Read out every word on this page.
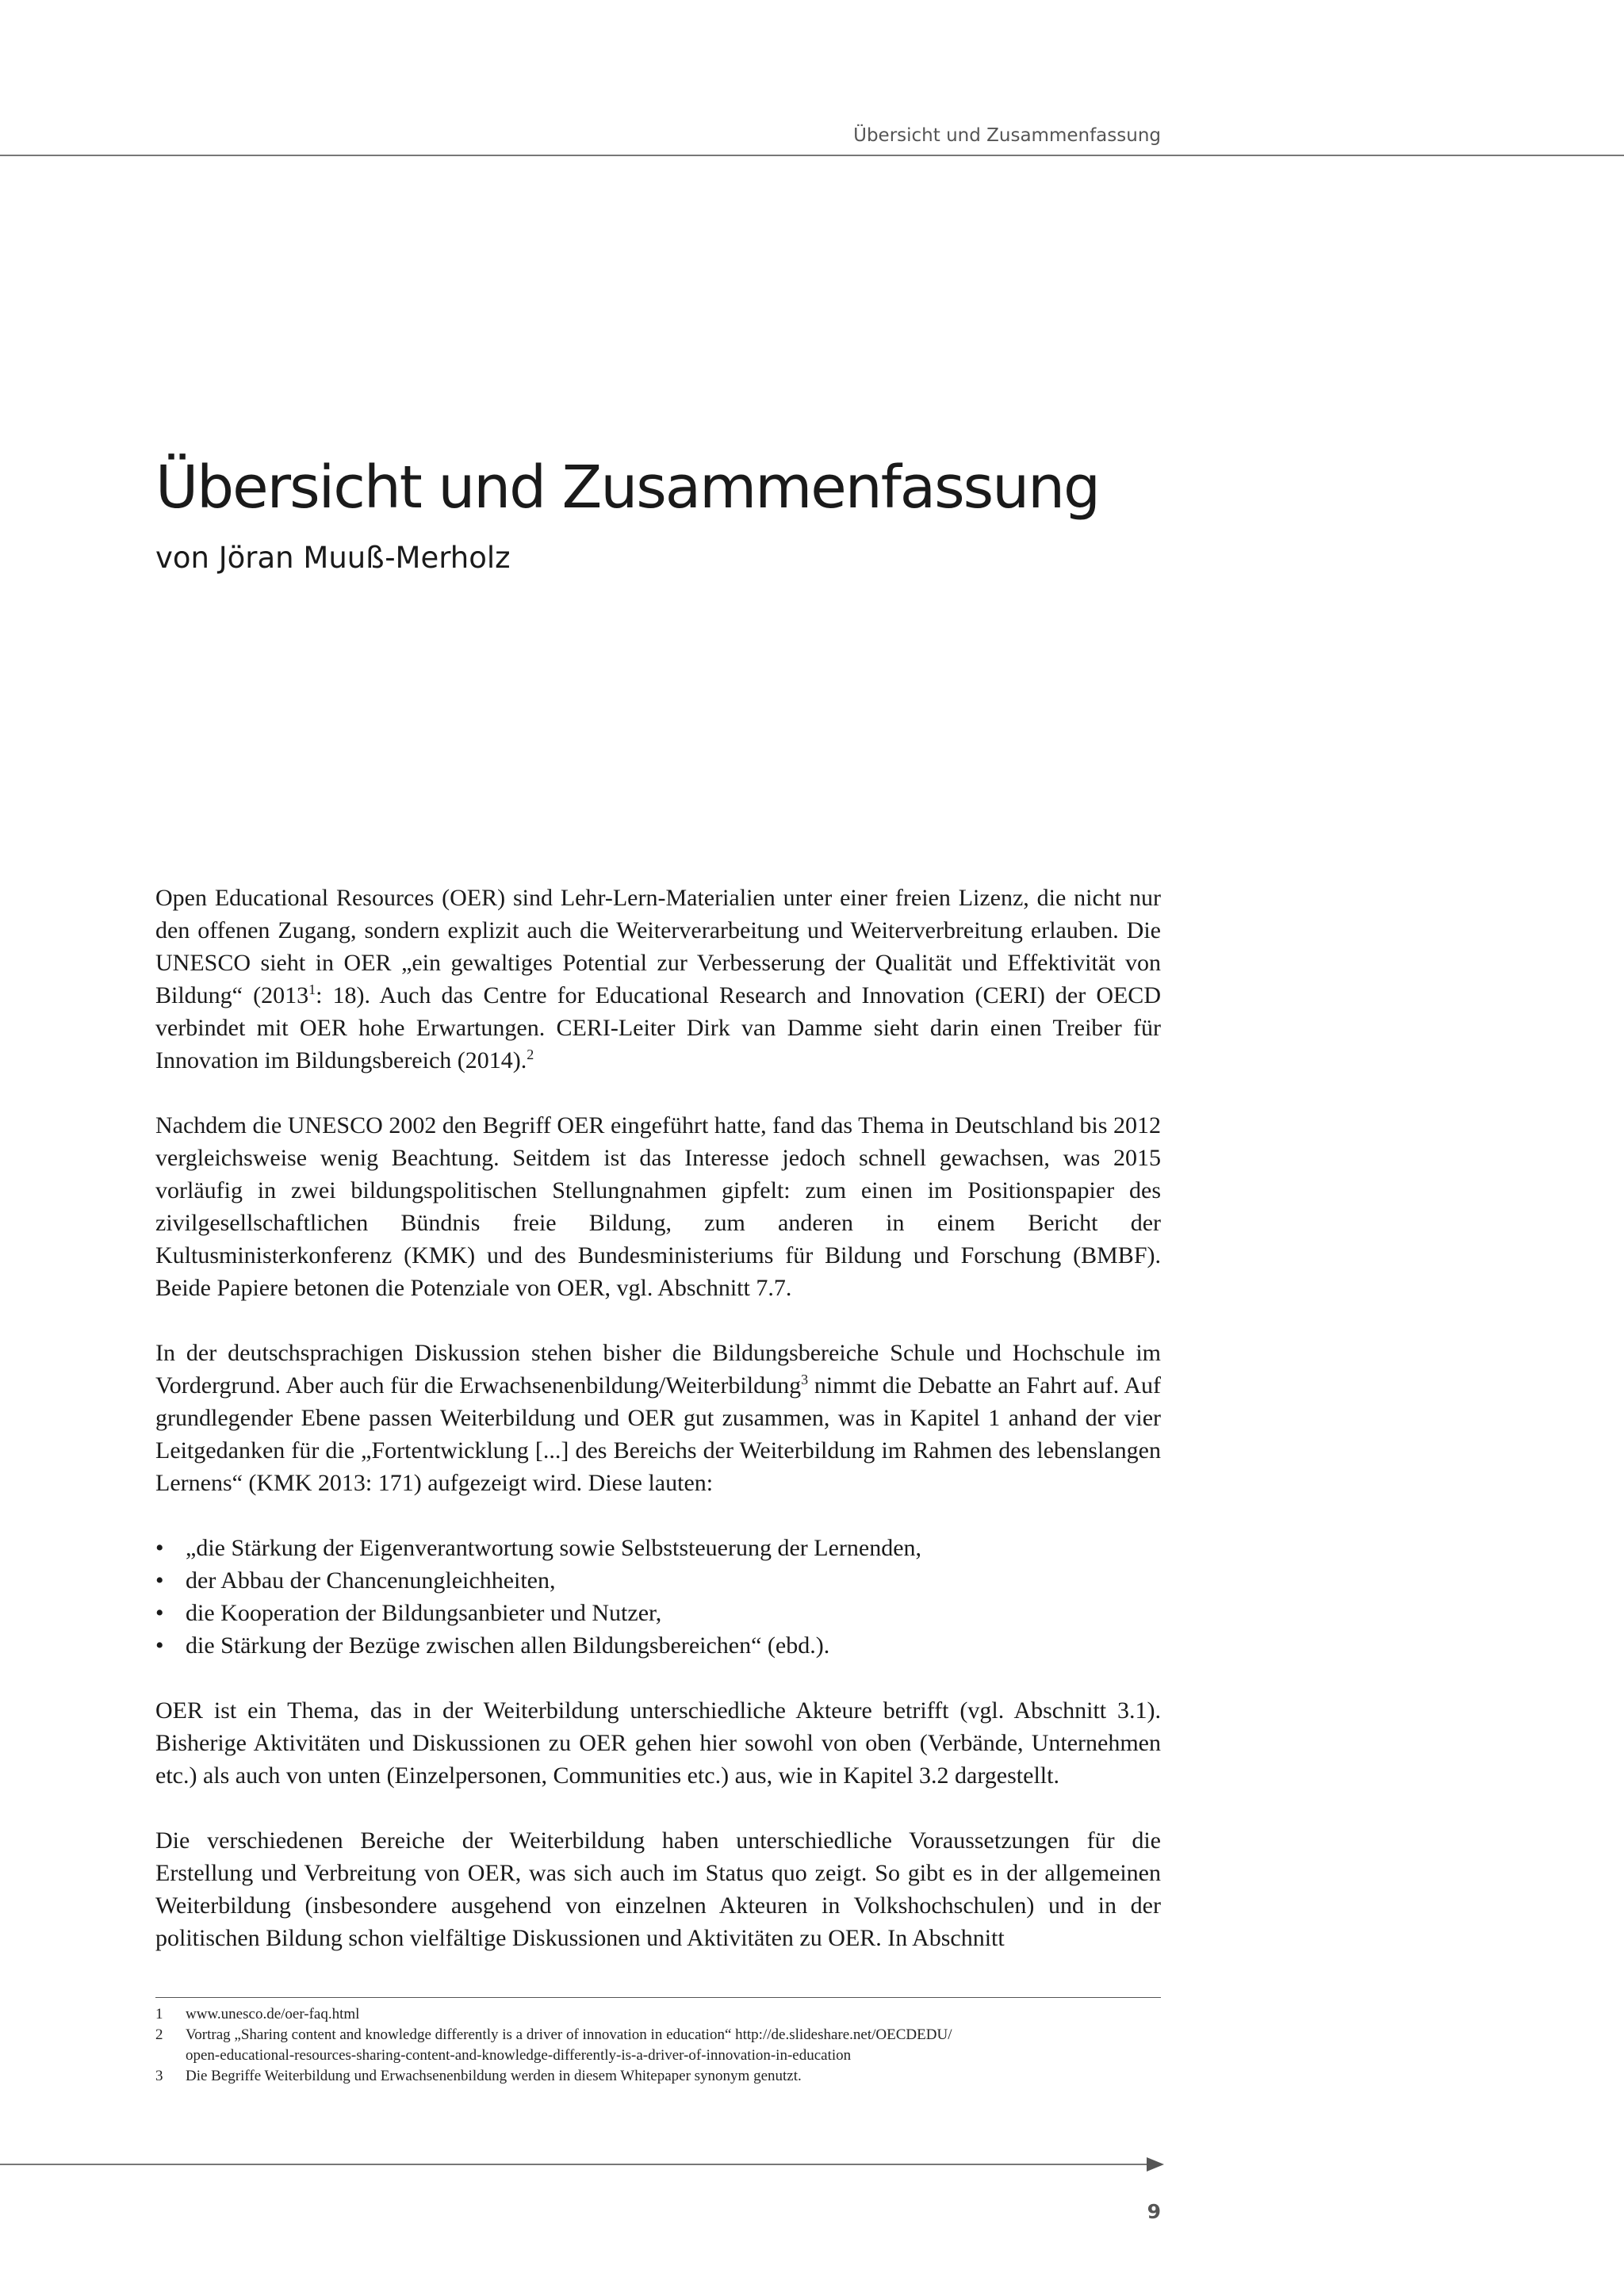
Übersicht und Zusammenfassung
Übersicht und Zusammenfassung
von Jöran Muuß-Merholz

Open Educational Resources (OER) sind Lehr-Lern-Materialien unter einer freien Lizenz, die nicht nur den offenen Zugang, sondern explizit auch die Weiterverarbeitung und Weiterverbreitung erlauben. Die UNESCO sieht in OER „ein gewaltiges Potential zur Verbesserung der Qualität und Effektivität von Bildung“ (2013$^1$: 18). Auch das Centre for Educational Research and Innovation (CERI) der OECD verbindet mit OER hohe Erwartungen. CERI-Leiter Dirk van Damme sieht darin einen Treiber für Innovation im Bildungsbereich (2014).$^2$

Nachdem die UNESCO 2002 den Begriff OER eingeführt hatte, fand das Thema in Deutschland bis 2012 vergleichsweise wenig Beachtung. Seitdem ist das Interesse jedoch schnell gewachsen, was 2015 vorläufig in zwei bildungspolitischen Stellungnahmen gipfelt: zum einen im Positionspapier des zivilgesellschaftlichen Bündnis freie Bildung, zum anderen in einem Bericht der Kultusministerkonferenz (KMK) und des Bundesministeriums für Bildung und Forschung (BMBF). Beide Papiere betonen die Potenziale von OER, vgl. Abschnitt 7.7.

In der deutschsprachigen Diskussion stehen bisher die Bildungsbereiche Schule und Hochschule im Vordergrund. Aber auch für die Erwachsenenbildung/Weiterbildung$^3$ nimmt die Debatte an Fahrt auf. Auf grundlegender Ebene passen Weiterbildung und OER gut zusammen, was in Kapitel 1 anhand der vier Leitgedanken für die „Fortentwicklung [...] des Bereichs der Weiterbildung im Rahmen des lebenslangen Lernens“ (KMK 2013: 171) aufgezeigt wird. Diese lauten:

• „die Stärkung der Eigenverantwortung sowie Selbststeuerung der Lernenden,
• der Abbau der Chancenungleichheiten,
• die Kooperation der Bildungsanbieter und Nutzer,
• die Stärkung der Bezüge zwischen allen Bildungsbereichen“ (ebd.).

OER ist ein Thema, das in der Weiterbildung unterschiedliche Akteure betrifft (vgl. Abschnitt 3.1). Bisherige Aktivitäten und Diskussionen zu OER gehen hier sowohl von oben (Verbände, Unternehmen etc.) als auch von unten (Einzelpersonen, Communities etc.) aus, wie in Kapitel 3.2 dargestellt.

Die verschiedenen Bereiche der Weiterbildung haben unterschiedliche Voraussetzungen für die Erstellung und Verbreitung von OER, was sich auch im Status quo zeigt. So gibt es in der allgemeinen Weiterbildung (insbesondere ausgehend von einzelnen Akteuren in Volkshochschulen) und in der politischen Bildung schon vielfältige Diskussionen und Aktivitäten zu OER. In Abschnitt

1 www.unesco.de/oer-faq.html
2 Vortrag „Sharing content and knowledge differently is a driver of innovation in education“ http://de.slideshare.net/OECDEDU/
open-educational-resources-sharing-content-and-knowledge-differently-is-a-driver-of-innovation-in-education
3 Die Begriffe Weiterbildung und Erwachsenenbildung werden in diesem Whitepaper synonym genutzt.
9
